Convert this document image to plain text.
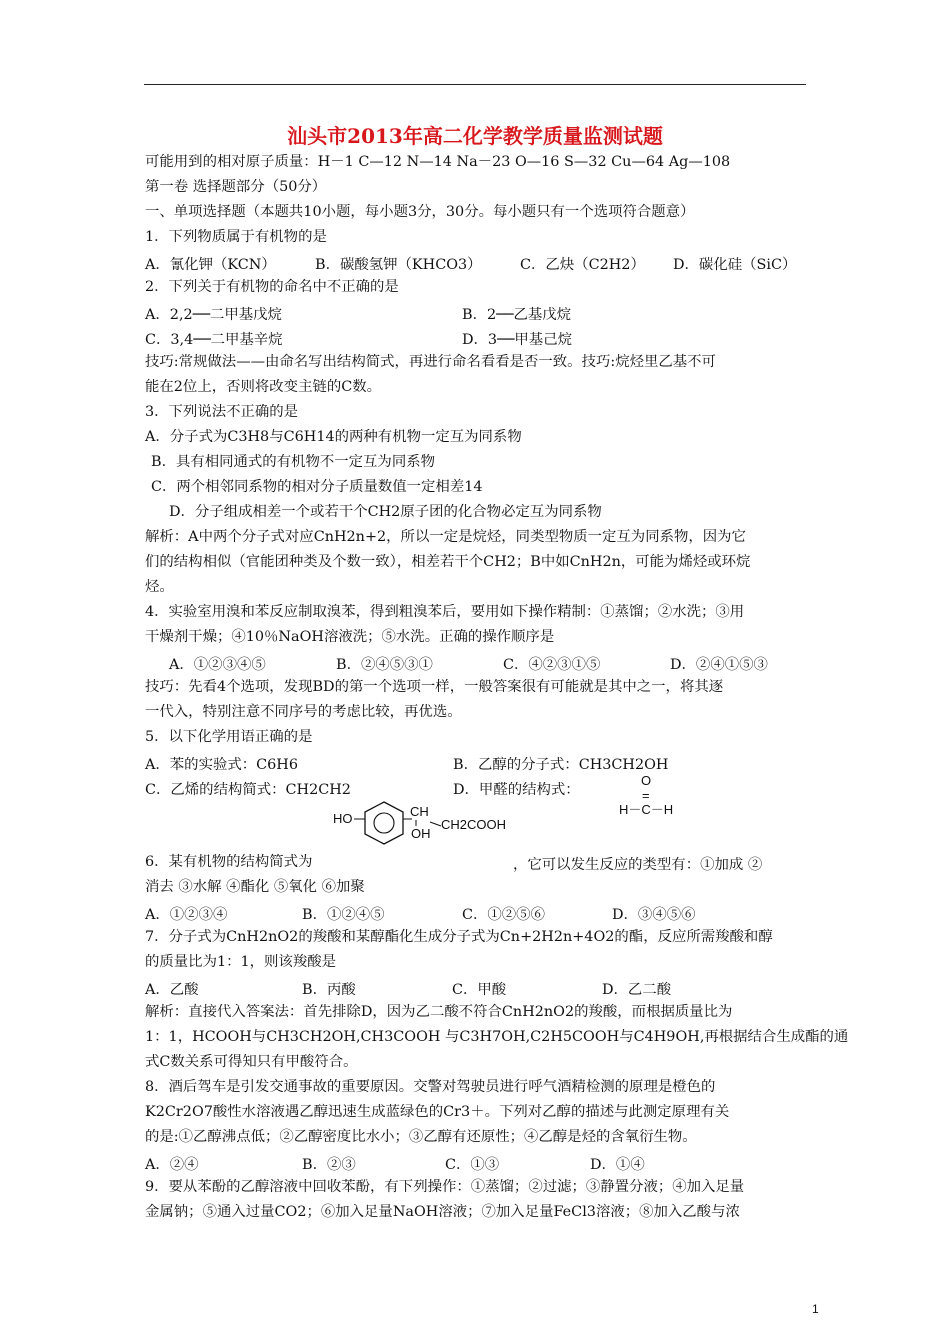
汕头市2013年高二化学教学质量监测试题
可能用到的相对原子质量：H－1 C—12 N—14 Na－23 O—16 S—32 Cu—64 Ag—108
第一卷 选择题部分（50分）
一、单项选择题（本题共10小题，每小题3分，30分。每小题只有一个选项符合题意）
1．下列物质属于有机物的是
A．氰化钾（KCN）	B．碳酸氢钾（KHCO3）	C．乙炔（C2H2） D．碳化硅（SiC）
2．下列关于有机物的命名中不正确的是
A．2,2──二甲基戊烷	B．2──乙基戊烷
C．3,4──二甲基辛烷	D．3──甲基己烷
技巧:常规做法——由命名写出结构简式，再进行命名看看是否一致。技巧:烷烃里乙基不可
能在2位上，否则将改变主链的C数。
3．下列说法不正确的是
A．分子式为C3H8与C6H14的两种有机物一定互为同系物
B．具有相同通式的有机物不一定互为同系物
C．两个相邻同系物的相对分子质量数值一定相差14
D．分子组成相差一个或若干个CH2原子团的化合物必定互为同系物
解析：A中两个分子式对应CnH2n+2，所以一定是烷烃，同类型物质一定互为同系物，因为它
们的结构相似（官能团种类及个数一致），相差若干个CH2；B中如CnH2n，可能为烯烃或环烷
烃。
4．实验室用溴和苯反应制取溴苯，得到粗溴苯后，要用如下操作精制：①蒸馏；②水洗；③用
干燥剂干燥；④10％NaOH溶液洗；⑤水洗。正确的操作顺序是
A．①②③④⑤	B．②④⑤③①	C．④②③①⑤	D．②④①⑤③
技巧：先看4个选项，发现BD的第一个选项一样，一般答案很有可能就是其中之一，将其逐
一代入，特别注意不同序号的考虑比较，再优选。
5．以下化学用语正确的是
A．苯的实验式：C6H6	B．乙醇的分子式：CH3CH2OH
C．乙烯的结构简式：CH2CH2	D．甲醛的结构式：
O
=
H－C－H
HO	CH
OH
CH2COOH
6．某有机物的结构简式为	，它可以发生反应的类型有：①加成 ②
消去 ③水解 ④酯化 ⑤氧化 ⑥加聚
A．①②③④	B．①②④⑤	C．①②⑤⑥	D．③④⑤⑥
7．分子式为CnH2nO2的羧酸和某醇酯化生成分子式为Cn+2H2n+4O2的酯，反应所需羧酸和醇
的质量比为1：1，则该羧酸是
A．乙酸	B．丙酸	C．甲酸	D．乙二酸
解析：直接代入答案法：首先排除D，因为乙二酸不符合CnH2nO2的羧酸，而根据质量比为
1：1，HCOOH与CH3CH2OH,CH3COOH 与C3H7OH,C2H5COOH与C4H9OH,再根据结合生成酯的通
式C数关系可得知只有甲酸符合。
8．酒后驾车是引发交通事故的重要原因。交警对驾驶员进行呼气酒精检测的原理是橙色的
K2Cr2O7酸性水溶液遇乙醇迅速生成蓝绿色的Cr3＋。下列对乙醇的描述与此测定原理有关
的是:①乙醇沸点低；②乙醇密度比水小；③乙醇有还原性；④乙醇是烃的含氧衍生物。
A．②④	B．②③	C．①③	D．①④
9．要从苯酚的乙醇溶液中回收苯酚，有下列操作：①蒸馏；②过滤；③静置分液；④加入足量
金属钠；⑤通入过量CO2；⑥加入足量NaOH溶液；⑦加入足量FeCl3溶液；⑧加入乙酸与浓
1
